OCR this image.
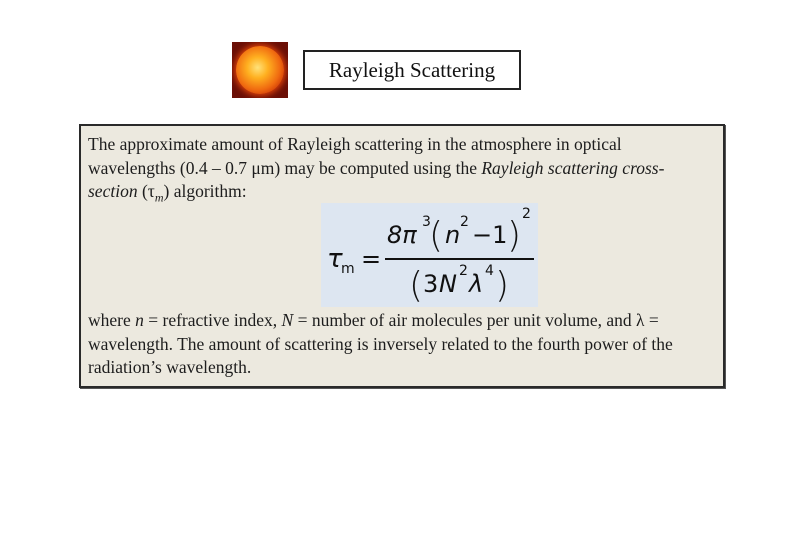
Rayleigh Scattering

The approximate amount of Rayleigh scattering in the atmosphere in optical wavelengths (0.4 – 0.7 μm) may be computed using the Rayleigh scattering cross-section $(\tau_m)$ algorithm:

τ
m =
8π 3
( n 2 −1 )
2
( 3 N 2 λ 4 )

where n = refractive index, N = number of air molecules per unit volume, and λ = wavelength. The amount of scattering is inversely related to the fourth power of the radiation’s wavelength.
